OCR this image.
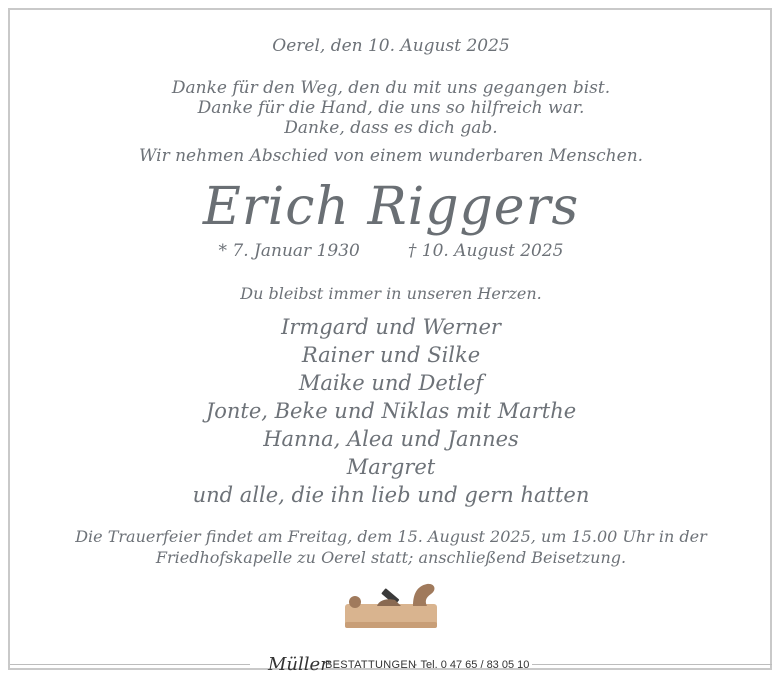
Oerel, den 10. August 2025
Danke für den Weg, den du mit uns gegangen bist.
Danke für die Hand, die uns so hilfreich war.
Danke, dass es dich gab.
Wir nehmen Abschied von einem wunderbaren Menschen.
Erich Riggers
* 7. Januar 1930	† 10. August 2025
Du bleibst immer in unseren Herzen.
Irmgard und Werner
Rainer und Silke
Maike und Detlef
Jonte, Beke und Niklas mit Marthe
Hanna, Alea und Jannes
Margret
und alle, die ihn lieb und gern hatten
Die Trauerfeier findet am Freitag, dem 15. August 2025, um 15.00 Uhr in der
Friedhofskapelle zu Oerel statt; anschließend Beisetzung.
Müller
BESTATTUNGEN
· Tel. 0 47 65 / 83 05 10
